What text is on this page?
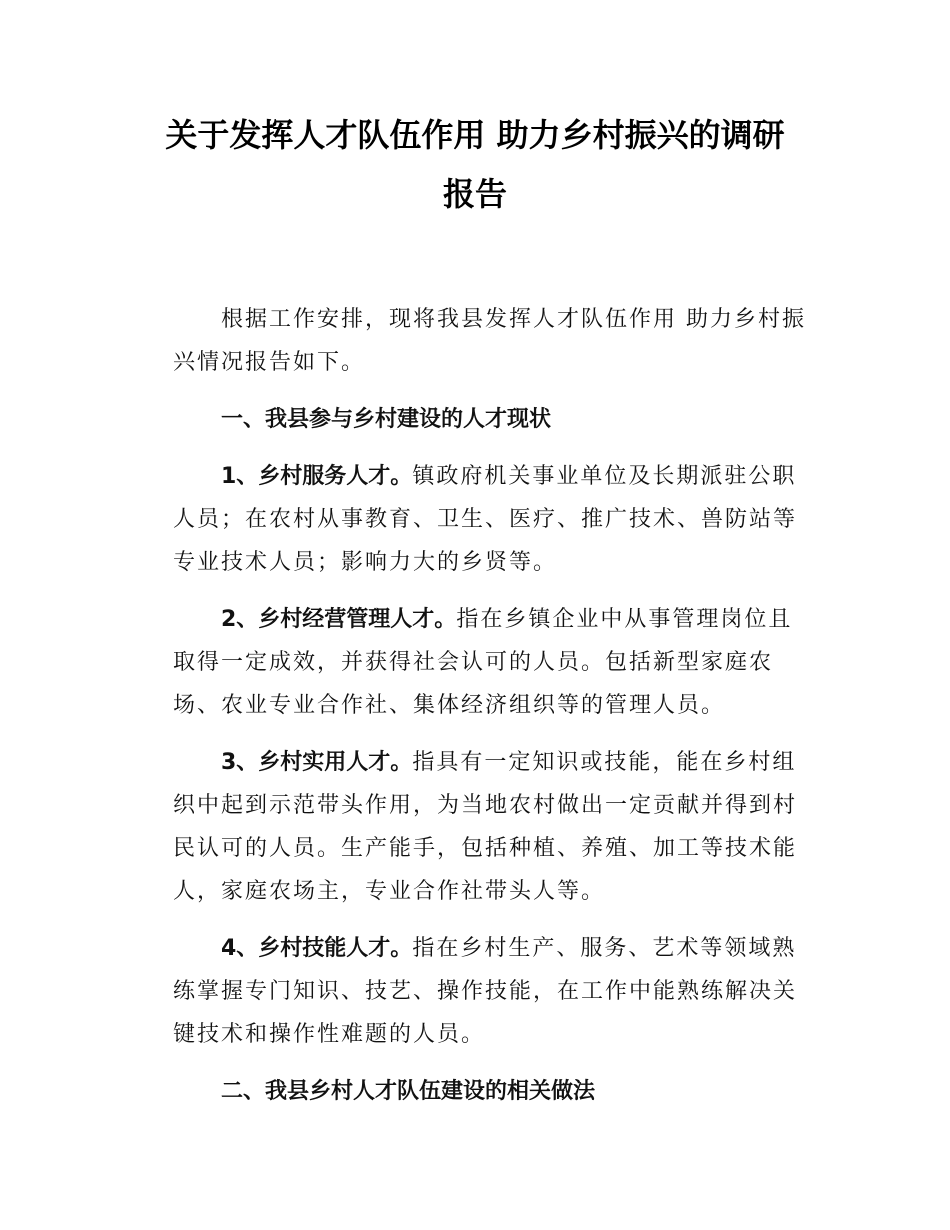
关于发挥人才队伍作用 助力乡村振兴的调研
报告

根据工作安排，现将我县发挥人才队伍作用 助力乡村振兴情况报告如下。

一、我县参与乡村建设的人才现状

1、乡村服务人才。镇政府机关事业单位及长期派驻公职人员；在农村从事教育、卫生、医疗、推广技术、兽防站等专业技术人员；影响力大的乡贤等。

2、乡村经营管理人才。指在乡镇企业中从事管理岗位且取得一定成效，并获得社会认可的人员。包括新型家庭农场、农业专业合作社、集体经济组织等的管理人员。

3、乡村实用人才。指具有一定知识或技能，能在乡村组织中起到示范带头作用，为当地农村做出一定贡献并得到村民认可的人员。生产能手，包括种植、养殖、加工等技术能人，家庭农场主，专业合作社带头人等。

4、乡村技能人才。指在乡村生产、服务、艺术等领域熟练掌握专门知识、技艺、操作技能，在工作中能熟练解决关键技术和操作性难题的人员。

二、我县乡村人才队伍建设的相关做法
